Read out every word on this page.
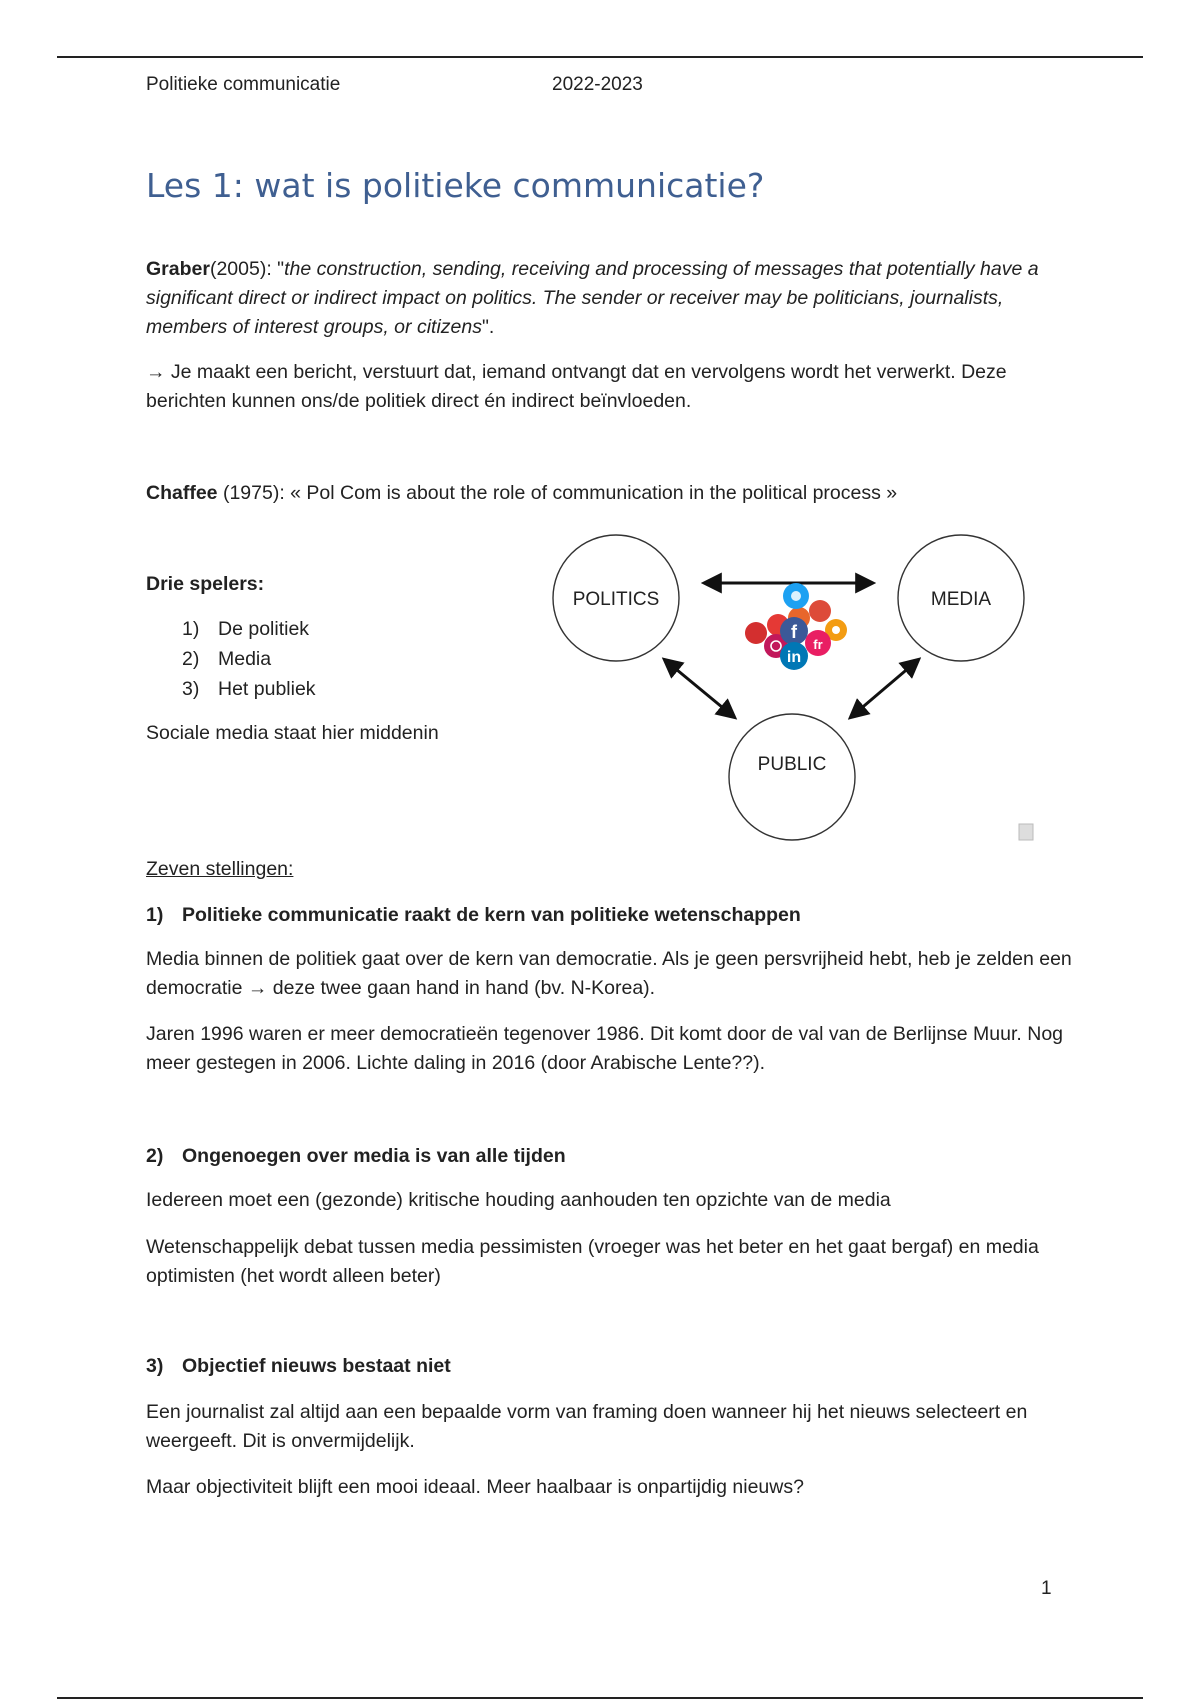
Politieke communicatie	2022-2023
Les 1: wat is politieke communicatie?

Graber(2005): "the construction, sending, receiving and processing of messages that potentially have a significant direct or indirect impact on politics. The sender or receiver may be politicians, journalists, members of interest groups, or citizens".

→ Je maakt een bericht, verstuurt dat, iemand ontvangt dat en vervolgens wordt het verwerkt. Deze berichten kunnen ons/de politiek direct én indirect beïnvloeden.

Chaffee (1975): « Pol Com is about the role of communication in the political process »

Drie spelers:

1) De politiek
2) Media
3) Het publiek

Sociale media staat hier middenin

POLITICS	MEDIA
PUBLIC
f
in
fr

Zeven stellingen:

1) Politieke communicatie raakt de kern van politieke wetenschappen

Media binnen de politiek gaat over de kern van democratie. Als je geen persvrijheid hebt, heb je zelden een democratie → deze twee gaan hand in hand (bv. N-Korea).

Jaren 1996 waren er meer democratieën tegenover 1986. Dit komt door de val van de Berlijnse Muur. Nog meer gestegen in 2006. Lichte daling in 2016 (door Arabische Lente??).

2) Ongenoegen over media is van alle tijden

Iedereen moet een (gezonde) kritische houding aanhouden ten opzichte van de media

Wetenschappelijk debat tussen media pessimisten (vroeger was het beter en het gaat bergaf) en media optimisten (het wordt alleen beter)

3) Objectief nieuws bestaat niet

Een journalist zal altijd aan een bepaalde vorm van framing doen wanneer hij het nieuws selecteert en weergeeft. Dit is onvermijdelijk.

Maar objectiviteit blijft een mooi ideaal. Meer haalbaar is onpartijdig nieuws?

1
